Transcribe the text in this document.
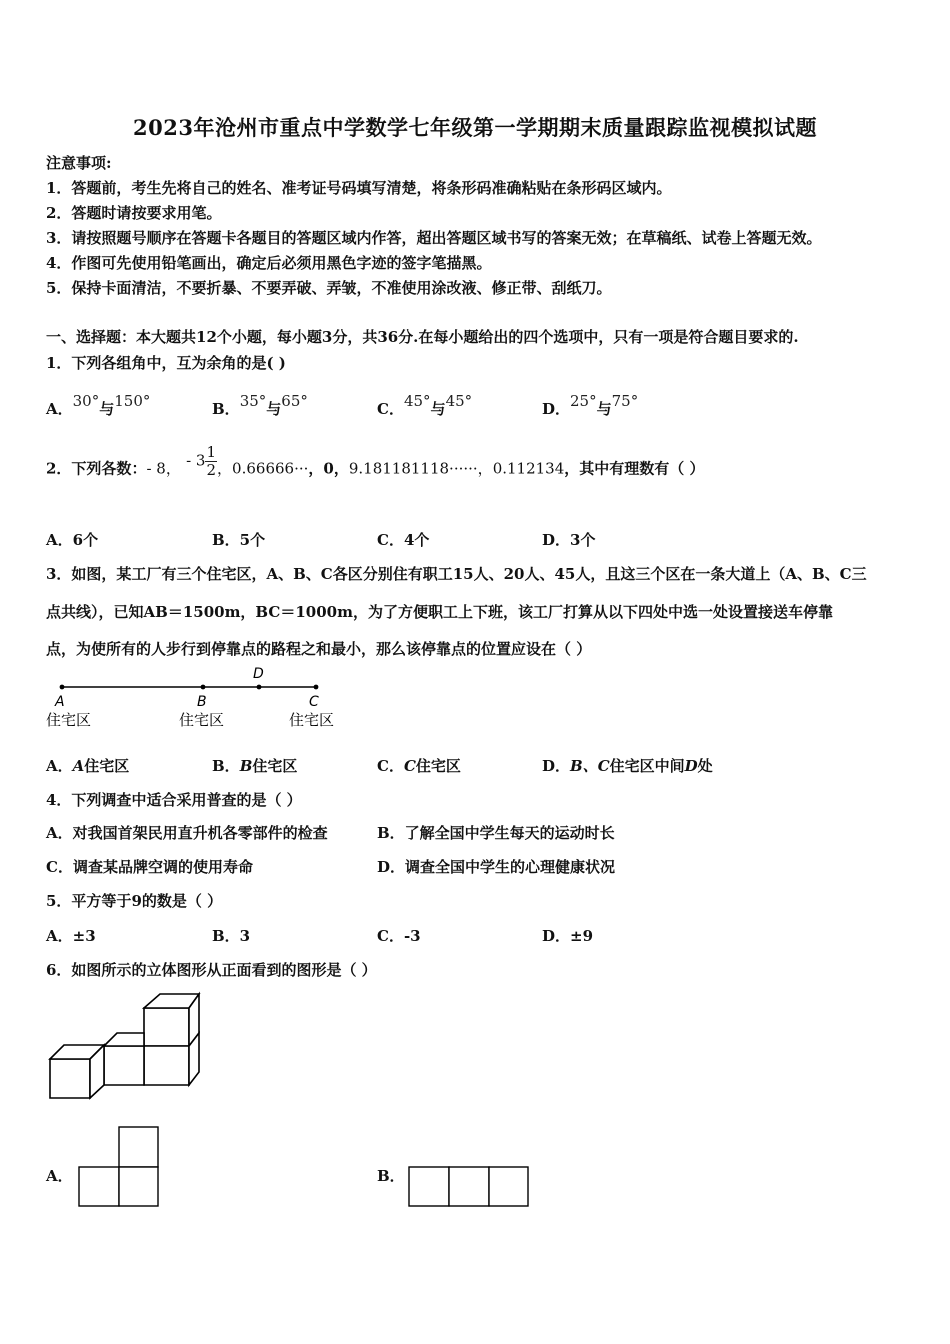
2023年沧州市重点中学数学七年级第一学期期末质量跟踪监视模拟试题
注意事项:
1．答题前，考生先将自己的姓名、准考证号码填写清楚，将条形码准确粘贴在条形码区域内。
2．答题时请按要求用笔。
3．请按照题号顺序在答题卡各题目的答题区域内作答，超出答题区域书写的答案无效；在草稿纸、试卷上答题无效。
4．作图可先使用铅笔画出，确定后必须用黑色字迹的签字笔描黑。
5．保持卡面清洁，不要折暴、不要弄破、弄皱，不准使用涂改液、修正带、刮纸刀。
一、选择题：本大题共12个小题，每小题3分，共36分.在每小题给出的四个选项中，只有一项是符合题目要求的.
1．下列各组角中，互为余角的是( )
A．30°与150°	B．35°与65°	C．45°与45°	D．25°与75°
2．下列各数：- 8， - $3 \frac{1}{2}$ ，0.66666···，0，9.181181118······，0.112134，其中有理数有（ ）
A．6个	B．5个	C．4个	D．3个
3．如图，某工厂有三个住宅区，A、B、C各区分别住有职工15人、20人、45人，且这三个区在一条大道上（A、B、C三
点共线），已知AB＝1500m，BC＝1000m，为了方便职工上下班，该工厂打算从以下四处中选一处设置接送车停靠
点，为使所有的人步行到停靠点的路程之和最小，那么该停靠点的位置应设在（ ）
A	B
D
C
住宅区	住宅区	住宅区
A．A住宅区	B．B住宅区	C．C住宅区	D．B、C住宅区中间D处
4．下列调查中适合采用普查的是（ ）
A．对我国首架民用直升机各零部件的检查	B．了解全国中学生每天的运动时长
C．调查某品牌空调的使用寿命	D．调查全国中学生的心理健康状况
5．平方等于9的数是（ ）
A．±3	B．3	C．-3	D．±9
6．如图所示的立体图形从正面看到的图形是（ ）
A．	B．
